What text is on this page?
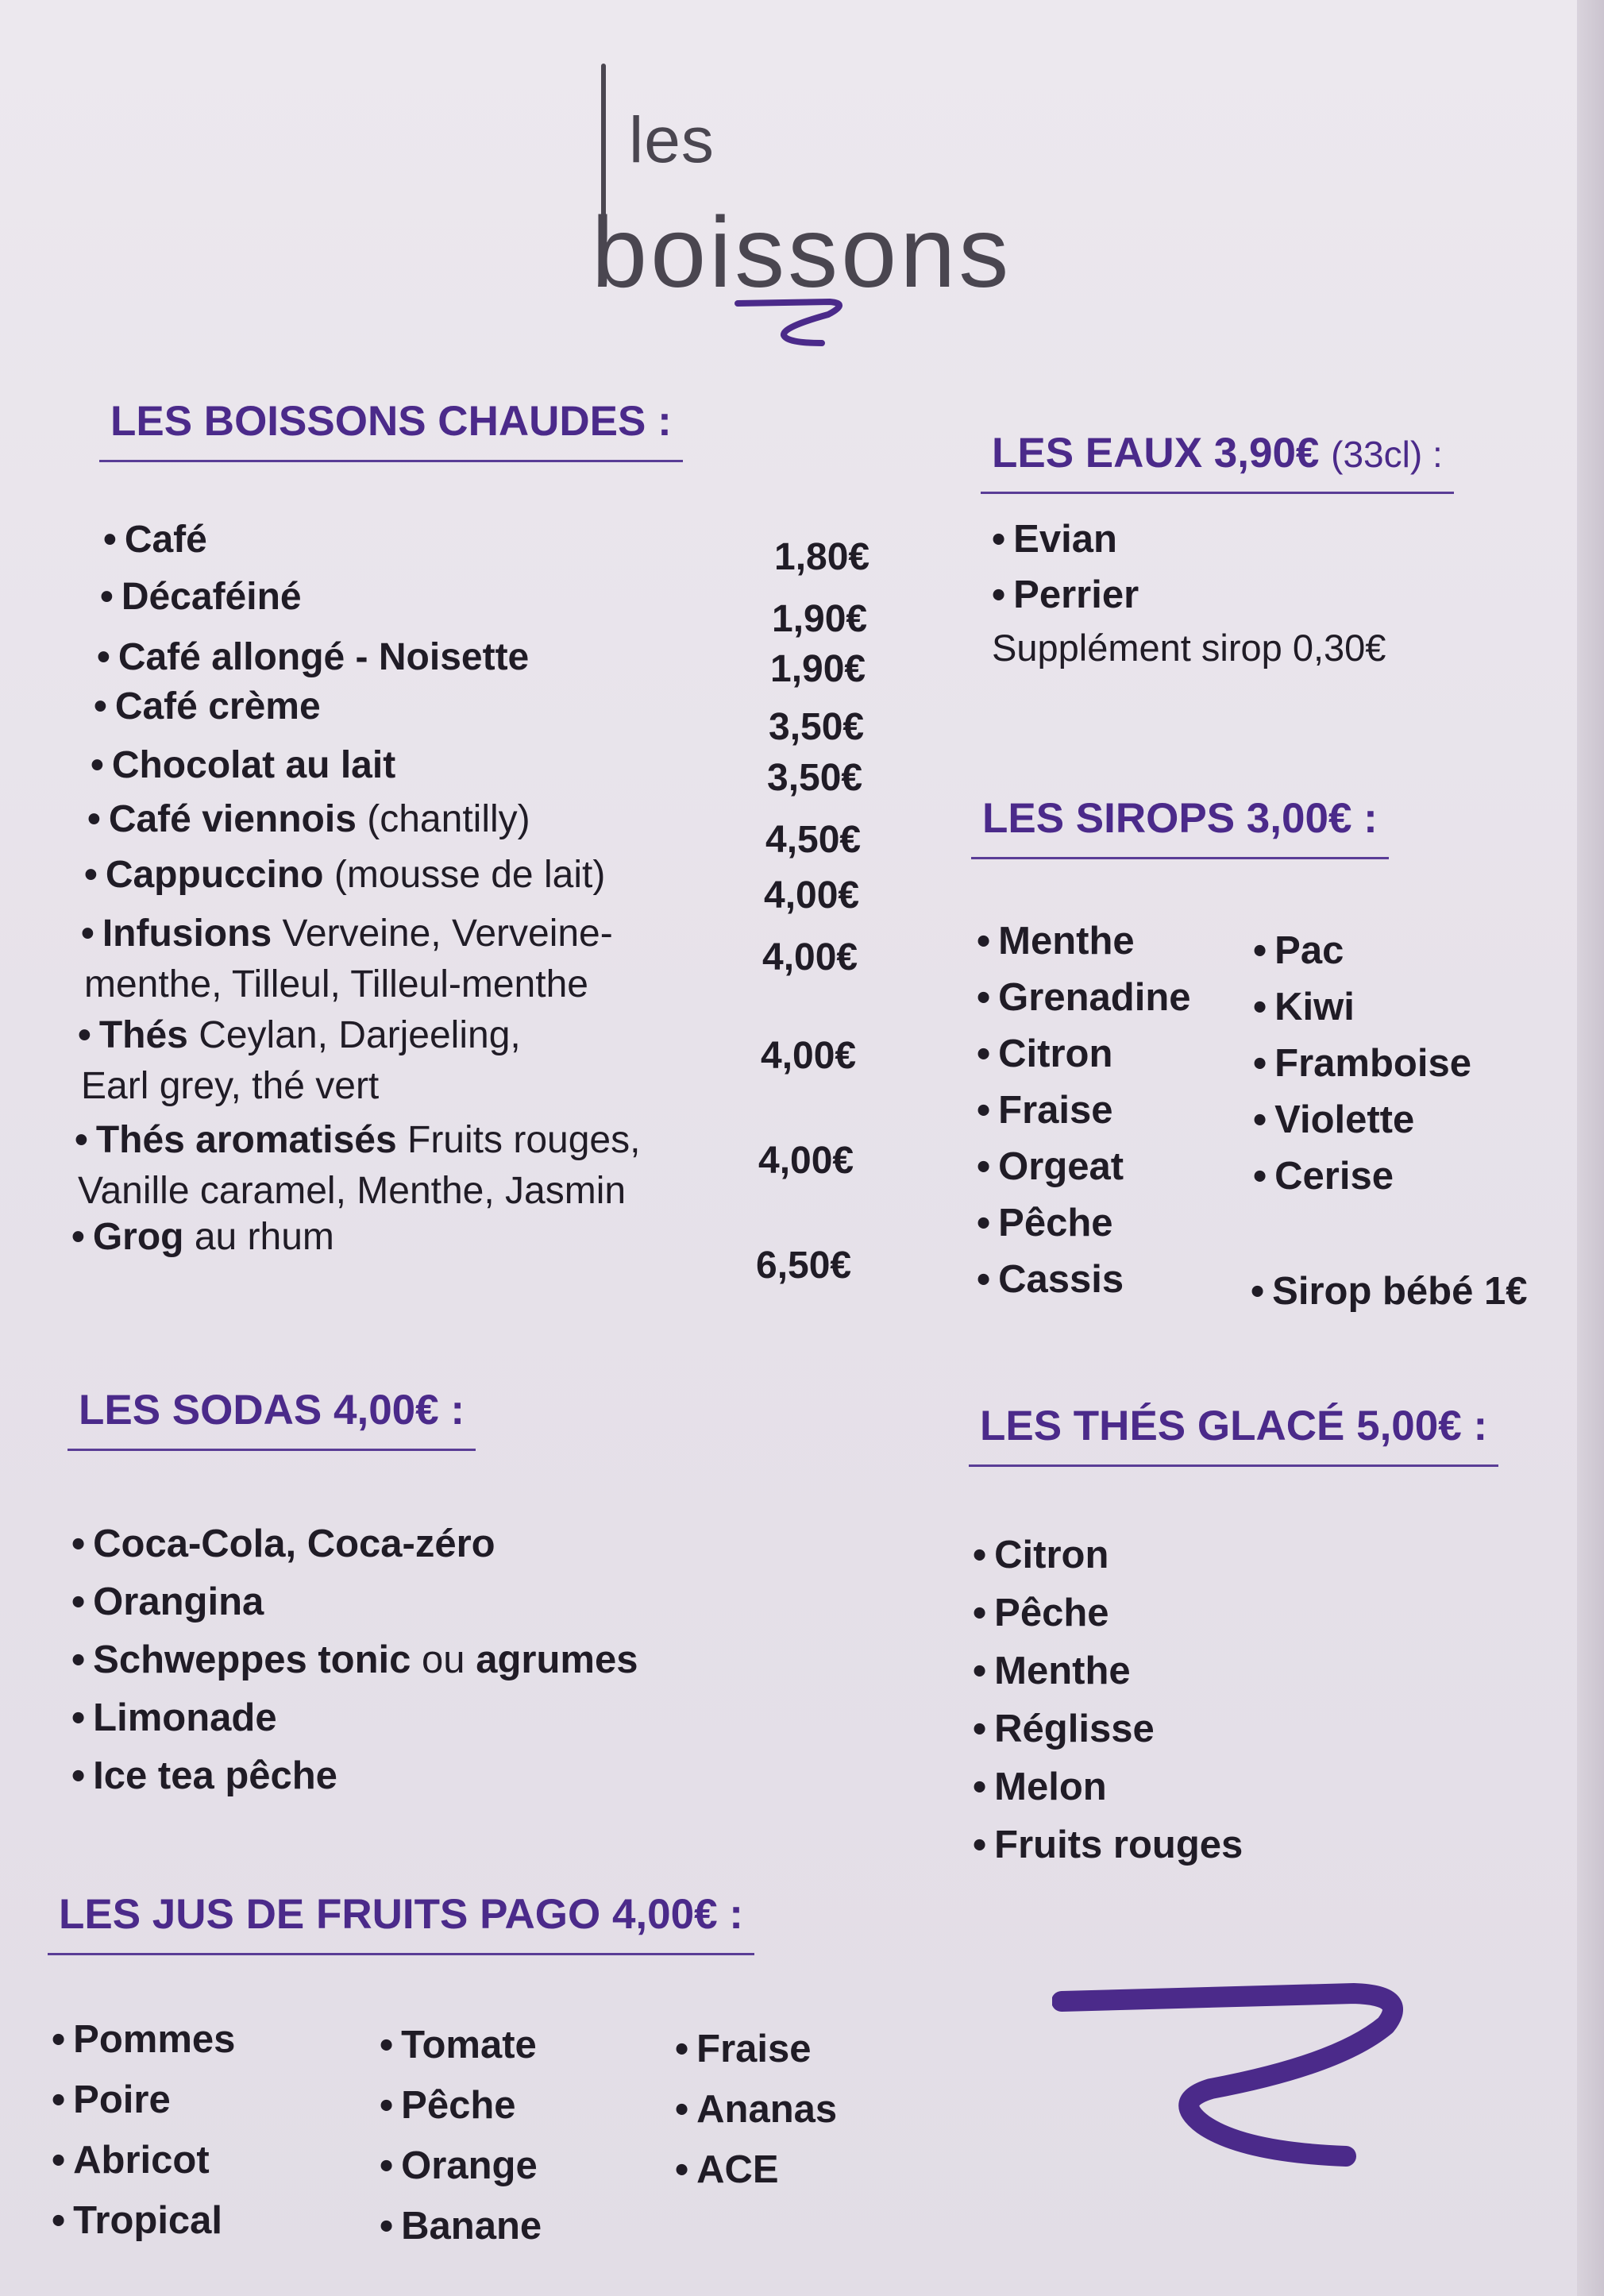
les
boissons
LES BOISSONS CHAUDES :
• Café	1,80€
• Décaféiné
1,90€
• Café allongé - Noisette	1,90€
• Café crème	3,50€
• Chocolat au lait	3,50€
• Café viennois (chantilly)	4,50€
• Cappuccino (mousse de lait)	4,00€
• Infusions Verveine, Verveine-
menthe, Tilleul, Tilleul-menthe
4,00€
• Thés Ceylan, Darjeeling,
Earl grey, thé vert
4,00€
• Thés aromatisés Fruits rouges,
Vanille caramel, Menthe, Jasmin
4,00€
• Grog au rhum
6,50€
LES EAUX 3,90€ (33cl) :
• Evian
• Perrier
Supplément sirop 0,30€
LES SIROPS 3,00€ :
• Menthe
• Grenadine
• Citron
• Fraise
• Orgeat
• Pêche
• Cassis
• Pac
• Kiwi
• Framboise
• Violette
• Cerise
• Sirop bébé 1€
LES SODAS 4,00€ :
• Coca-Cola, Coca-zéro
• Orangina
• Schweppes tonic ou agrumes
• Limonade
• Ice tea pêche
LES THÉS GLACÉ 5,00€ :
• Citron
• Pêche
• Menthe
• Réglisse
• Melon
• Fruits rouges
LES JUS DE FRUITS PAGO 4,00€ :
• Pommes
• Poire
• Abricot
• Tropical
• Tomate
• Pêche
• Orange
• Banane
• Fraise
• Ananas
• ACE
